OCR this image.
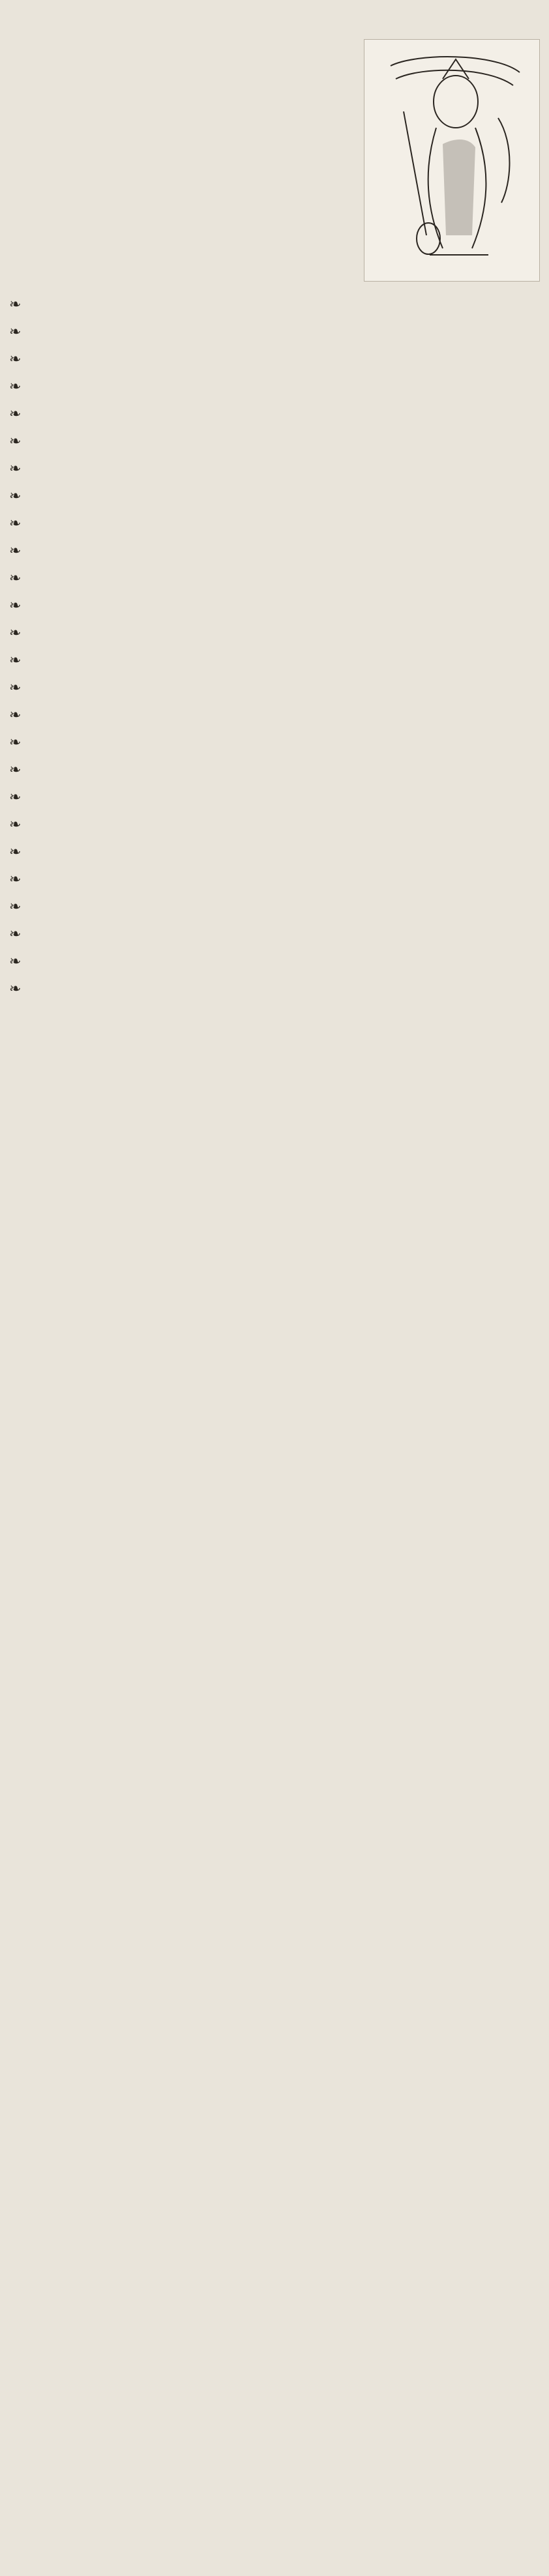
❧
❧
❧
❧
❧
❧
❧
❧
❧
❧
❧
❧
❧
❧
❧
❧
❧
❧
❧
❧
❧
❧
❧
❧
❧
❧
